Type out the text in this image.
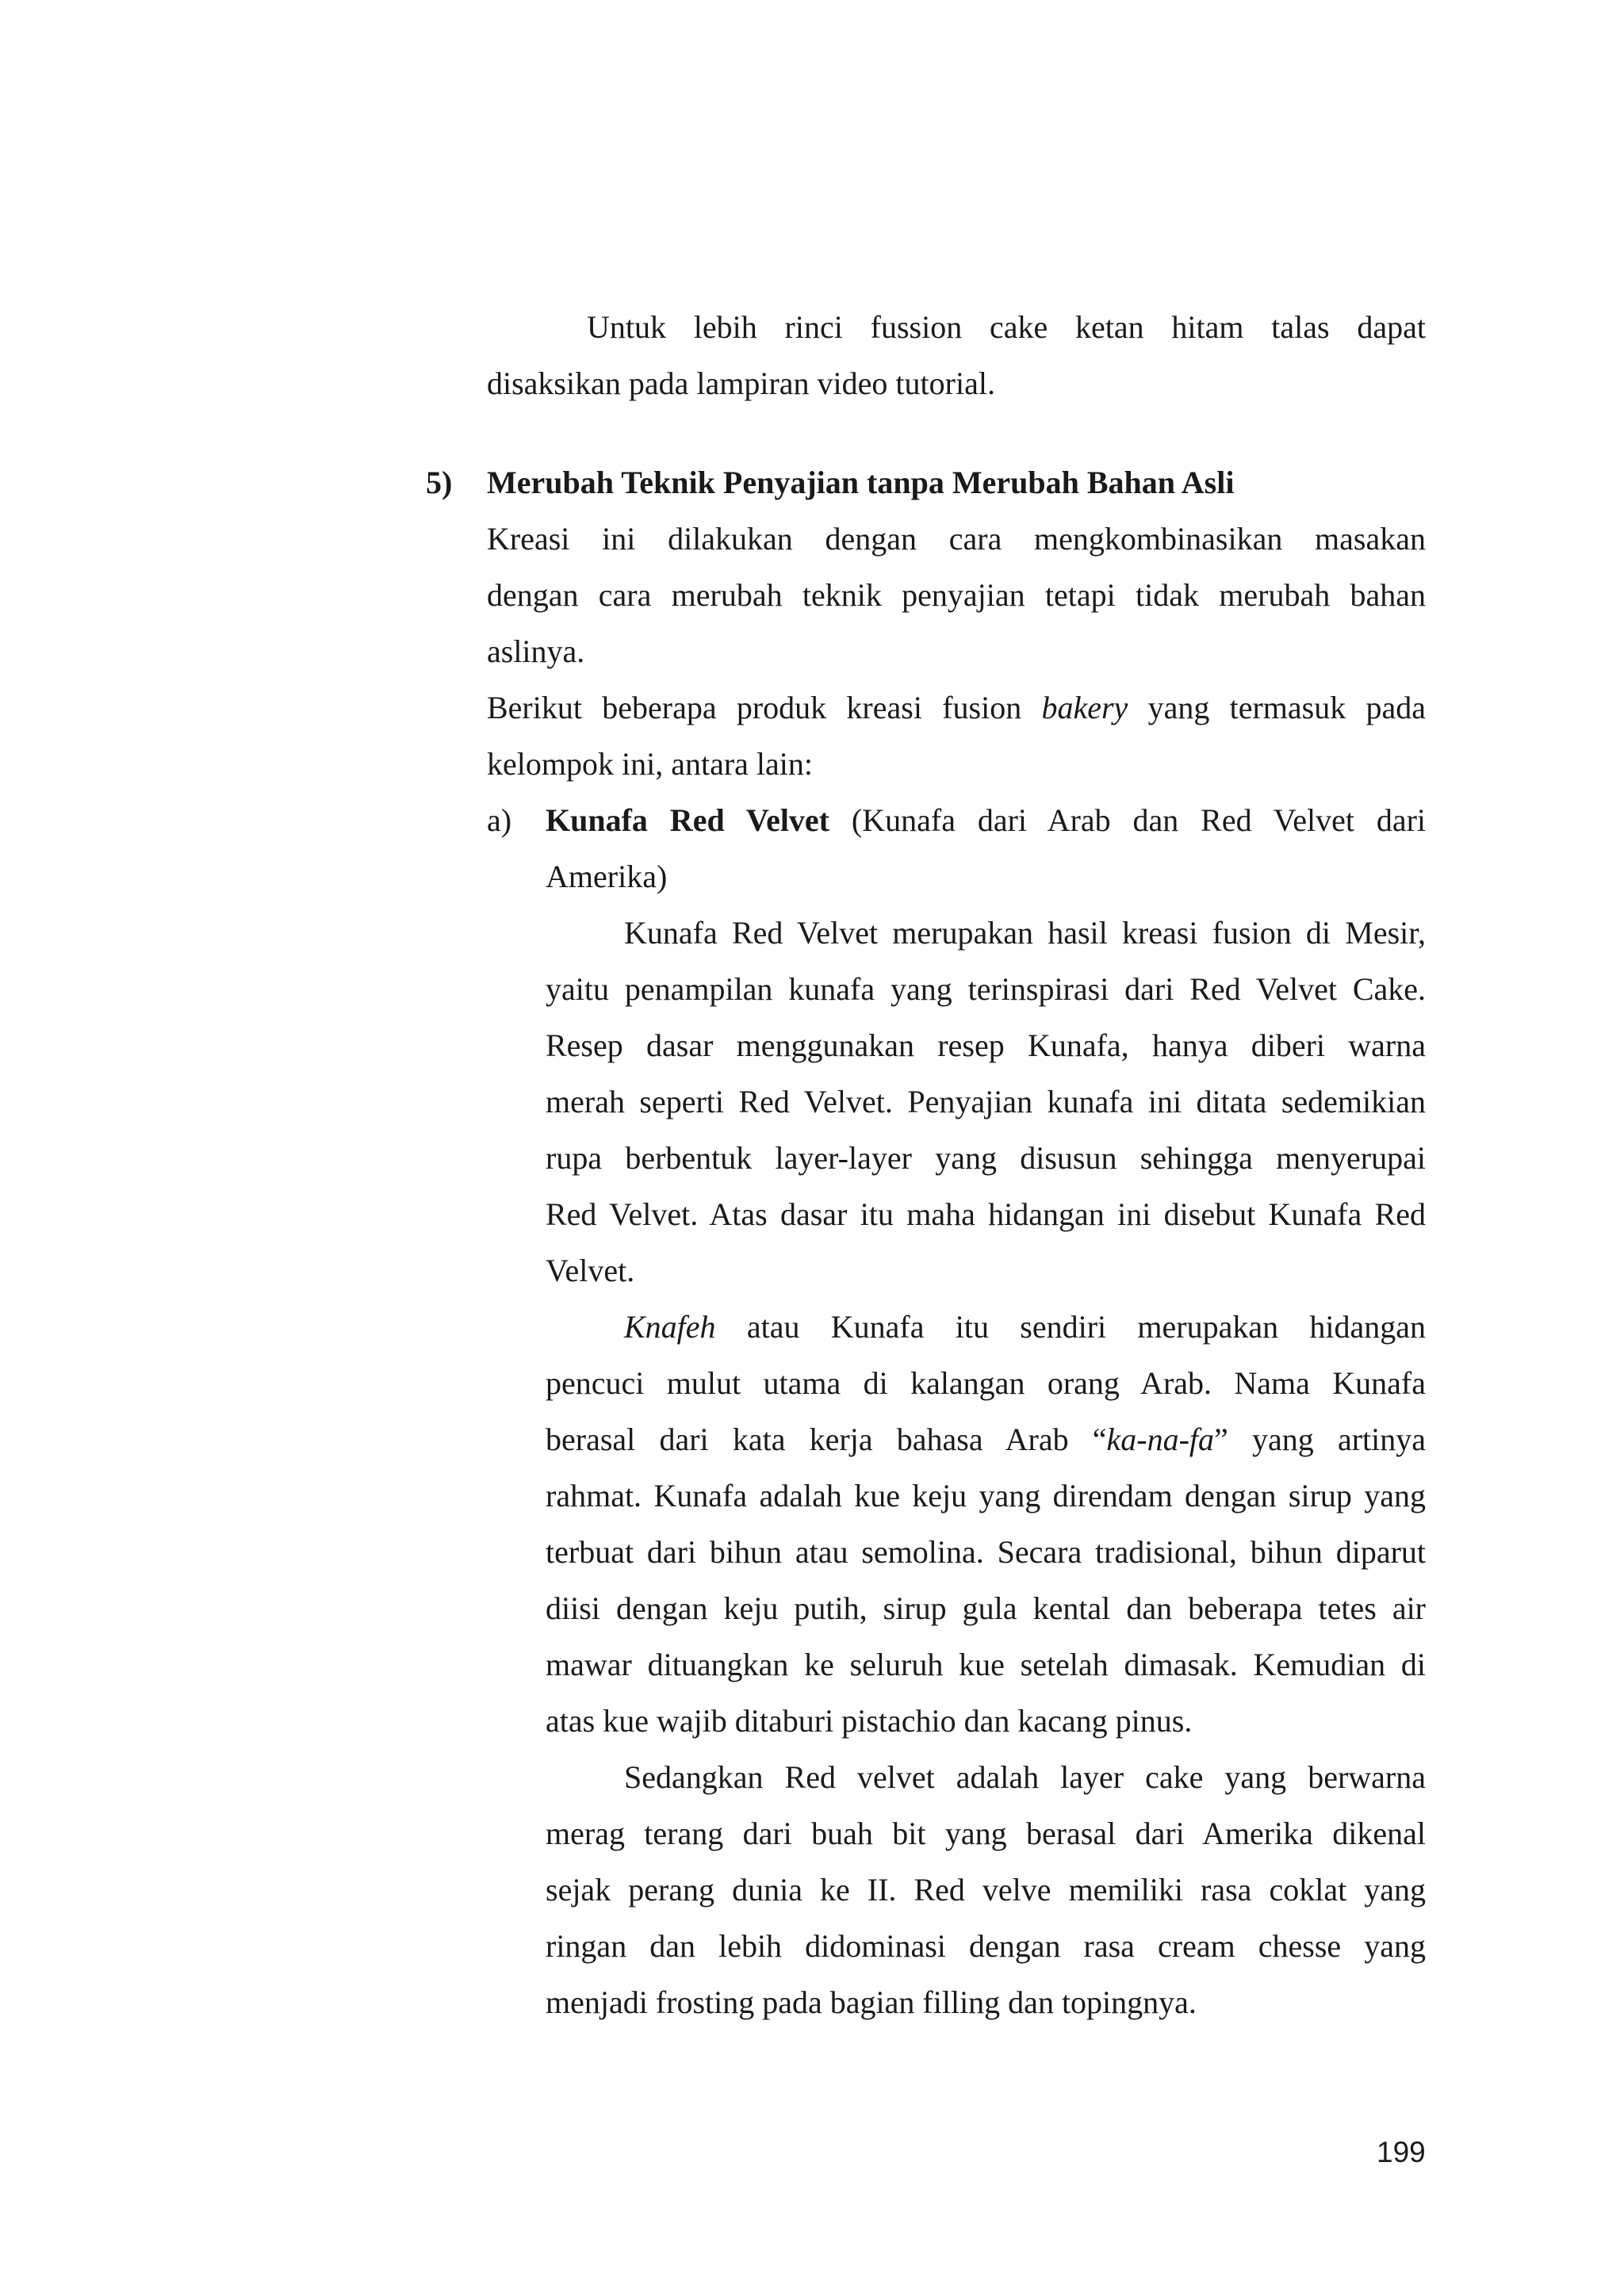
Untuk lebih rinci fussion cake ketan hitam talas dapat
disaksikan pada lampiran video tutorial.
5) Merubah Teknik Penyajian tanpa Merubah Bahan Asli
Kreasi ini dilakukan dengan cara mengkombinasikan masakan
dengan cara merubah teknik penyajian tetapi tidak merubah bahan
aslinya.
Berikut beberapa produk kreasi fusion bakery yang termasuk pada
kelompok ini, antara lain:
a) Kunafa Red Velvet (Kunafa dari Arab dan Red Velvet dari
Amerika)
Kunafa Red Velvet merupakan hasil kreasi fusion di Mesir,
yaitu penampilan kunafa yang terinspirasi dari Red Velvet Cake.
Resep dasar menggunakan resep Kunafa, hanya diberi warna
merah seperti Red Velvet. Penyajian kunafa ini ditata sedemikian
rupa berbentuk layer-layer yang disusun sehingga menyerupai
Red Velvet. Atas dasar itu maha hidangan ini disebut Kunafa Red
Velvet.
Knafeh atau Kunafa itu sendiri merupakan hidangan
pencuci mulut utama di kalangan orang Arab. Nama Kunafa
berasal dari kata kerja bahasa Arab “ka-na-fa” yang artinya
rahmat. Kunafa adalah kue keju yang direndam dengan sirup yang
terbuat dari bihun atau semolina. Secara tradisional, bihun diparut
diisi dengan keju putih, sirup gula kental dan beberapa tetes air
mawar dituangkan ke seluruh kue setelah dimasak. Kemudian di
atas kue wajib ditaburi pistachio dan kacang pinus.
Sedangkan Red velvet adalah layer cake yang berwarna
merag terang dari buah bit yang berasal dari Amerika dikenal
sejak perang dunia ke II. Red velve memiliki rasa coklat yang
ringan dan lebih didominasi dengan rasa cream chesse yang
menjadi frosting pada bagian filling dan topingnya.
199
